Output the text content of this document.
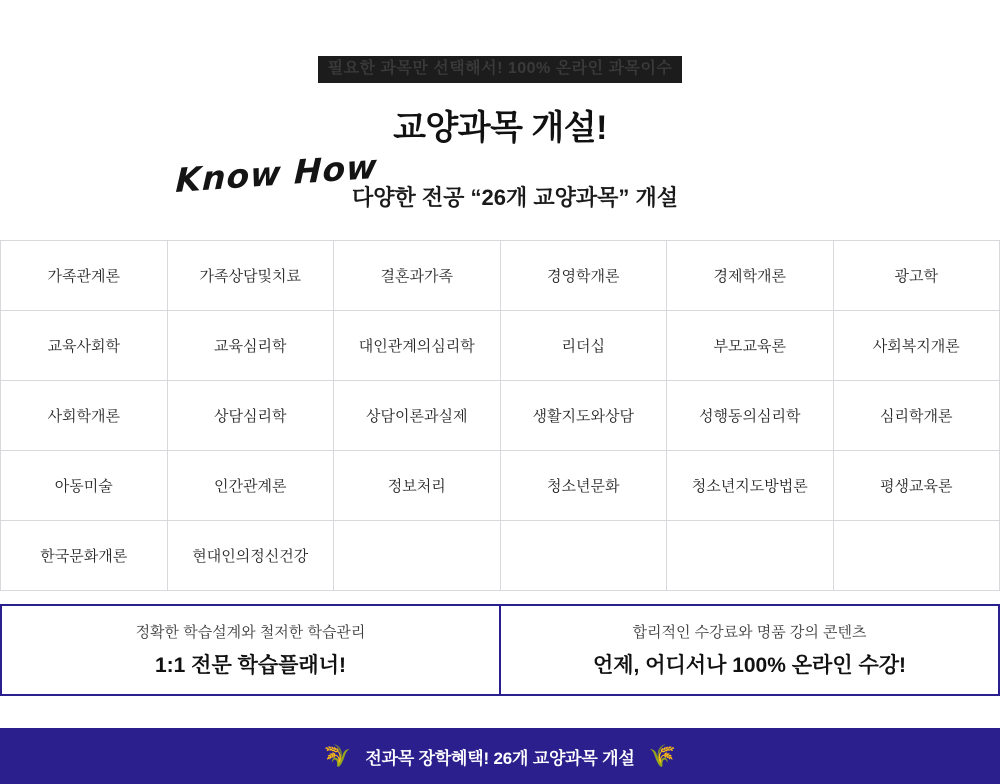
필요한 과목만 선택해서! 100% 온라인 과목이수
교양과목 개설!
Know How
다양한 전공 “26개 교양과목” 개설
가족관계론	가족상담및치료	결혼과가족	경영학개론	경제학개론	광고학
교육사회학	교육심리학	대인관계의심리학	리더십	부모교육론	사회복지개론
사회학개론	상담심리학	상담이론과실제	생활지도와상담	성행동의심리학	심리학개론
아동미술	인간관계론	정보처리	청소년문화	청소년지도방법론	평생교육론
한국문화개론	현대인의정신건강				
정확한 학습설계와 철저한 학습관리
1:1 전문 학습플래너!
합리적인 수강료와 명품 강의 콘텐츠
언제, 어디서나 100% 온라인 수강!
🌾 전과목 장학혜택! 26개 교양과목 개설 🌾
